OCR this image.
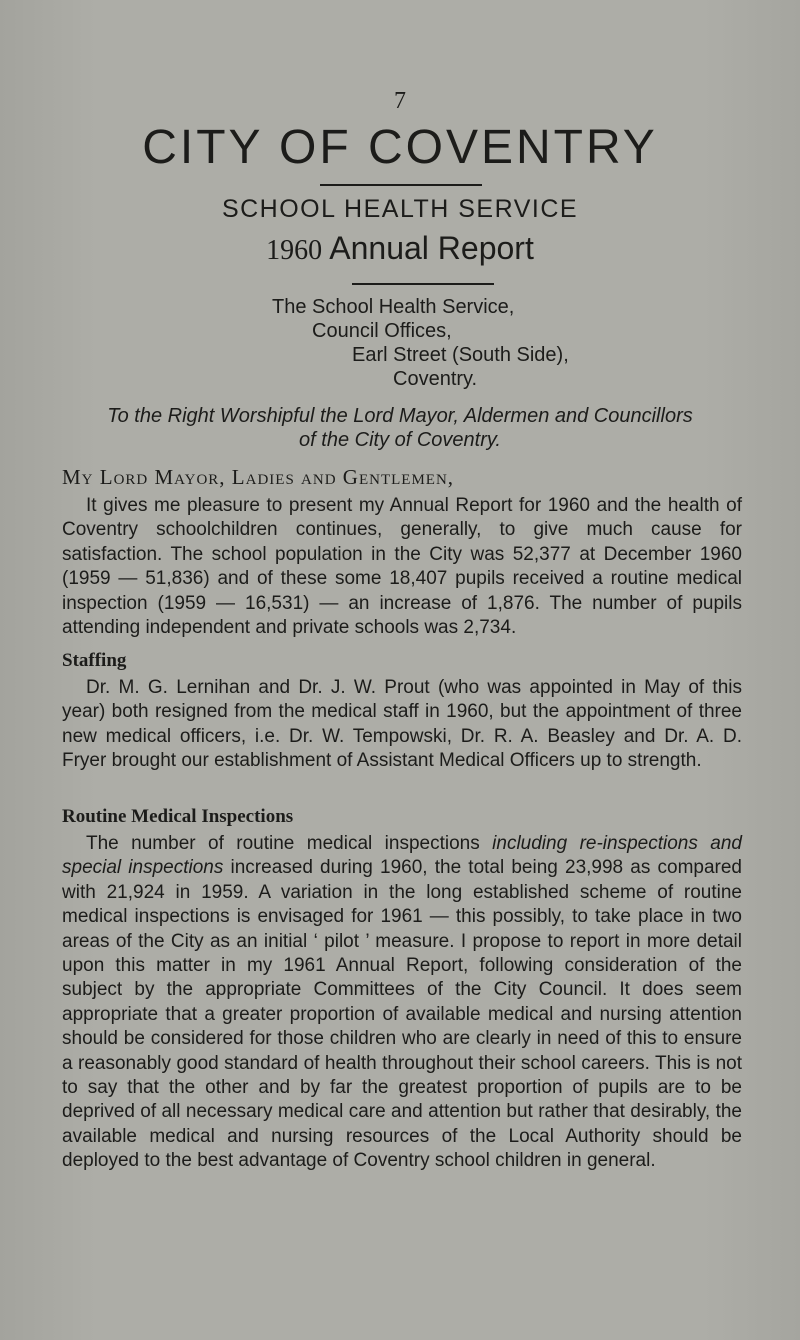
7
CITY OF COVENTRY
SCHOOL HEALTH SERVICE
1960 Annual Report
The School Health Service,
Council Offices,
Earl Street (South Side),
Coventry.
To the Right Worshipful the Lord Mayor, Aldermen and Councillors
of the City of Coventry.
My Lord Mayor, Ladies and Gentlemen,

It gives me pleasure to present my Annual Report for 1960 and the health of Coventry schoolchildren continues, generally, to give much cause for satisfaction. The school population in the City was 52,377 at December 1960 (1959 — 51,836) and of these some 18,407 pupils received a routine medical inspection (1959 — 16,531) — an increase of 1,876. The number of pupils attending independent and private schools was 2,734.

Staffing

Dr. M. G. Lernihan and Dr. J. W. Prout (who was appointed in May of this year) both resigned from the medical staff in 1960, but the appointment of three new medical officers, i.e. Dr. W. Tempowski, Dr. R. A. Beasley and Dr. A. D. Fryer brought our establishment of Assistant Medical Officers up to strength.

Routine Medical Inspections

The number of routine medical inspections including re-inspections and special inspections increased during 1960, the total being 23,998 as compared with 21,924 in 1959. A variation in the long established scheme of routine medical inspections is envisaged for 1961 — this possibly, to take place in two areas of the City as an initial ‘ pilot ’ measure. I propose to report in more detail upon this matter in my 1961 Annual Report, following consideration of the subject by the appropriate Committees of the City Council. It does seem appropriate that a greater proportion of available medical and nursing attention should be considered for those children who are clearly in need of this to ensure a reasonably good standard of health throughout their school careers. This is not to say that the other and by far the greatest proportion of pupils are to be deprived of all necessary medical care and attention but rather that desirably, the available medical and nursing resources of the Local Authority should be deployed to the best advantage of Coventry school children in general.
